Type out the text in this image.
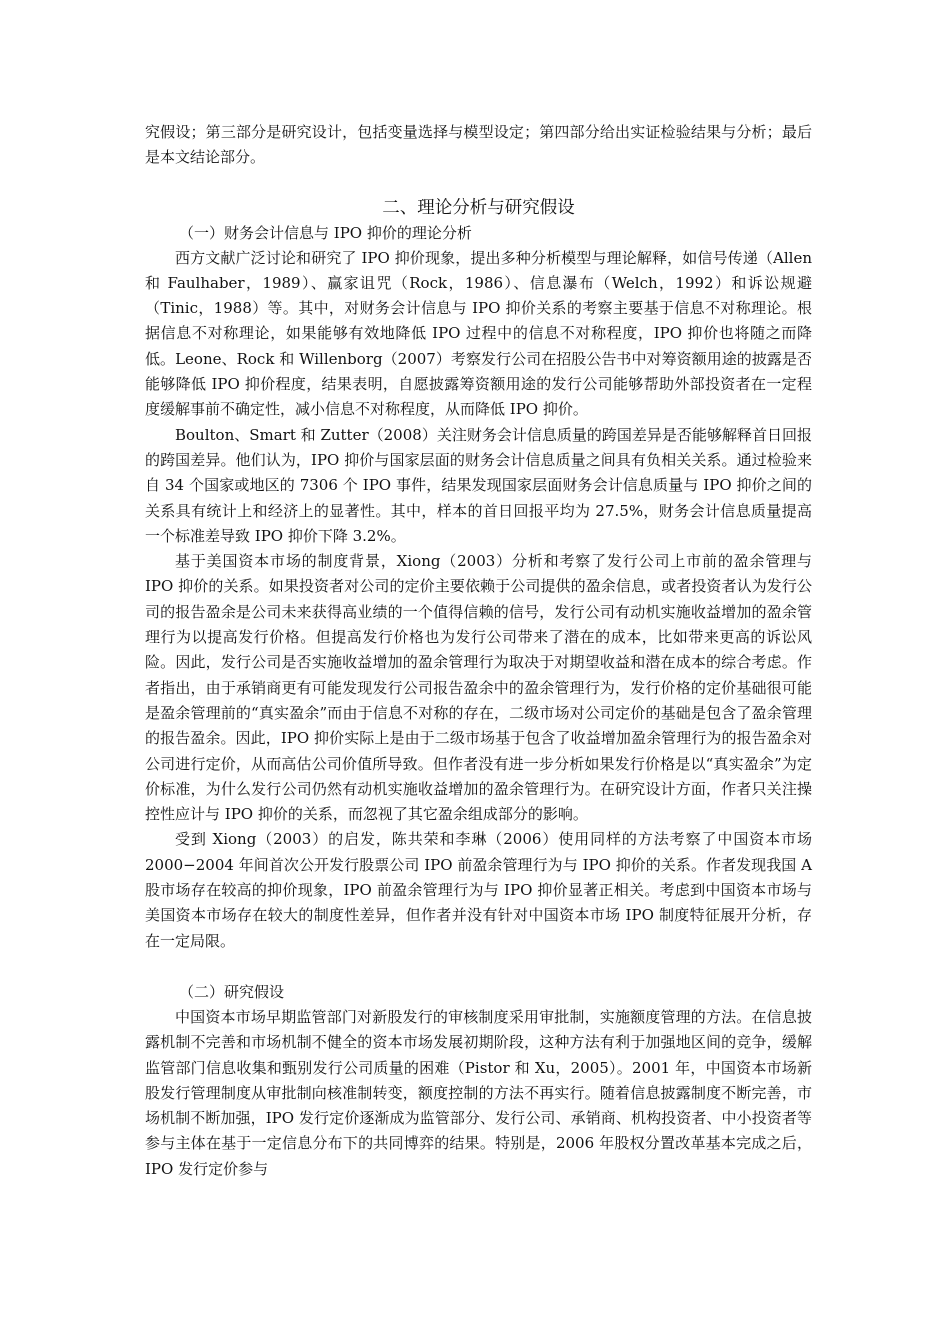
究假设；第三部分是研究设计，包括变量选择与模型设定；第四部分给出实证检验结果与分析；最后是本文结论部分。

二、理论分析与研究假设
（一）财务会计信息与 IPO 抑价的理论分析

西方文献广泛讨论和研究了 IPO 抑价现象，提出多种分析模型与理论解释，如信号传递（Allen 和 Faulhaber，1989）、赢家诅咒（Rock，1986）、信息瀑布（Welch，1992）和诉讼规避（Tinic，1988）等。其中，对财务会计信息与 IPO 抑价关系的考察主要基于信息不对称理论。根据信息不对称理论，如果能够有效地降低 IPO 过程中的信息不对称程度，IPO 抑价也将随之而降低。Leone、Rock 和 Willenborg（2007）考察发行公司在招股公告书中对筹资额用途的披露是否能够降低 IPO 抑价程度，结果表明，自愿披露筹资额用途的发行公司能够帮助外部投资者在一定程度缓解事前不确定性，减小信息不对称程度，从而降低 IPO 抑价。

Boulton、Smart 和 Zutter（2008）关注财务会计信息质量的跨国差异是否能够解释首日回报的跨国差异。他们认为，IPO 抑价与国家层面的财务会计信息质量之间具有负相关关系。通过检验来自 34 个国家或地区的 7306 个 IPO 事件，结果发现国家层面财务会计信息质量与 IPO 抑价之间的关系具有统计上和经济上的显著性。其中，样本的首日回报平均为 27.5%，财务会计信息质量提高一个标准差导致 IPO 抑价下降 3.2%。

基于美国资本市场的制度背景，Xiong（2003）分析和考察了发行公司上市前的盈余管理与 IPO 抑价的关系。如果投资者对公司的定价主要依赖于公司提供的盈余信息，或者投资者认为发行公司的报告盈余是公司未来获得高业绩的一个值得信赖的信号，发行公司有动机实施收益增加的盈余管理行为以提高发行价格。但提高发行价格也为发行公司带来了潜在的成本，比如带来更高的诉讼风险。因此，发行公司是否实施收益增加的盈余管理行为取决于对期望收益和潜在成本的综合考虑。作者指出，由于承销商更有可能发现发行公司报告盈余中的盈余管理行为，发行价格的定价基础很可能是盈余管理前的“真实盈余”而由于信息不对称的存在，二级市场对公司定价的基础是包含了盈余管理的报告盈余。因此，IPO 抑价实际上是由于二级市场基于包含了收益增加盈余管理行为的报告盈余对公司进行定价，从而高估公司价值所导致。但作者没有进一步分析如果发行价格是以“真实盈余”为定价标准，为什么发行公司仍然有动机实施收益增加的盈余管理行为。在研究设计方面，作者只关注操控性应计与 IPO 抑价的关系，而忽视了其它盈余组成部分的影响。

受到 Xiong（2003）的启发，陈共荣和李琳（2006）使用同样的方法考察了中国资本市场 2000−2004 年间首次公开发行股票公司 IPO 前盈余管理行为与 IPO 抑价的关系。作者发现我国 A 股市场存在较高的抑价现象，IPO 前盈余管理行为与 IPO 抑价显著正相关。考虑到中国资本市场与美国资本市场存在较大的制度性差异，但作者并没有针对中国资本市场 IPO 制度特征展开分析，存在一定局限。

（二）研究假设

中国资本市场早期监管部门对新股发行的审核制度采用审批制，实施额度管理的方法。在信息披露机制不完善和市场机制不健全的资本市场发展初期阶段，这种方法有利于加强地区间的竞争，缓解监管部门信息收集和甄别发行公司质量的困难（Pistor 和 Xu，2005）。2001 年，中国资本市场新股发行管理制度从审批制向核准制转变，额度控制的方法不再实行。随着信息披露制度不断完善，市场机制不断加强，IPO 发行定价逐渐成为监管部分、发行公司、承销商、机构投资者、中小投资者等参与主体在基于一定信息分布下的共同博弈的结果。特别是，2006 年股权分置改革基本完成之后，IPO 发行定价参与
